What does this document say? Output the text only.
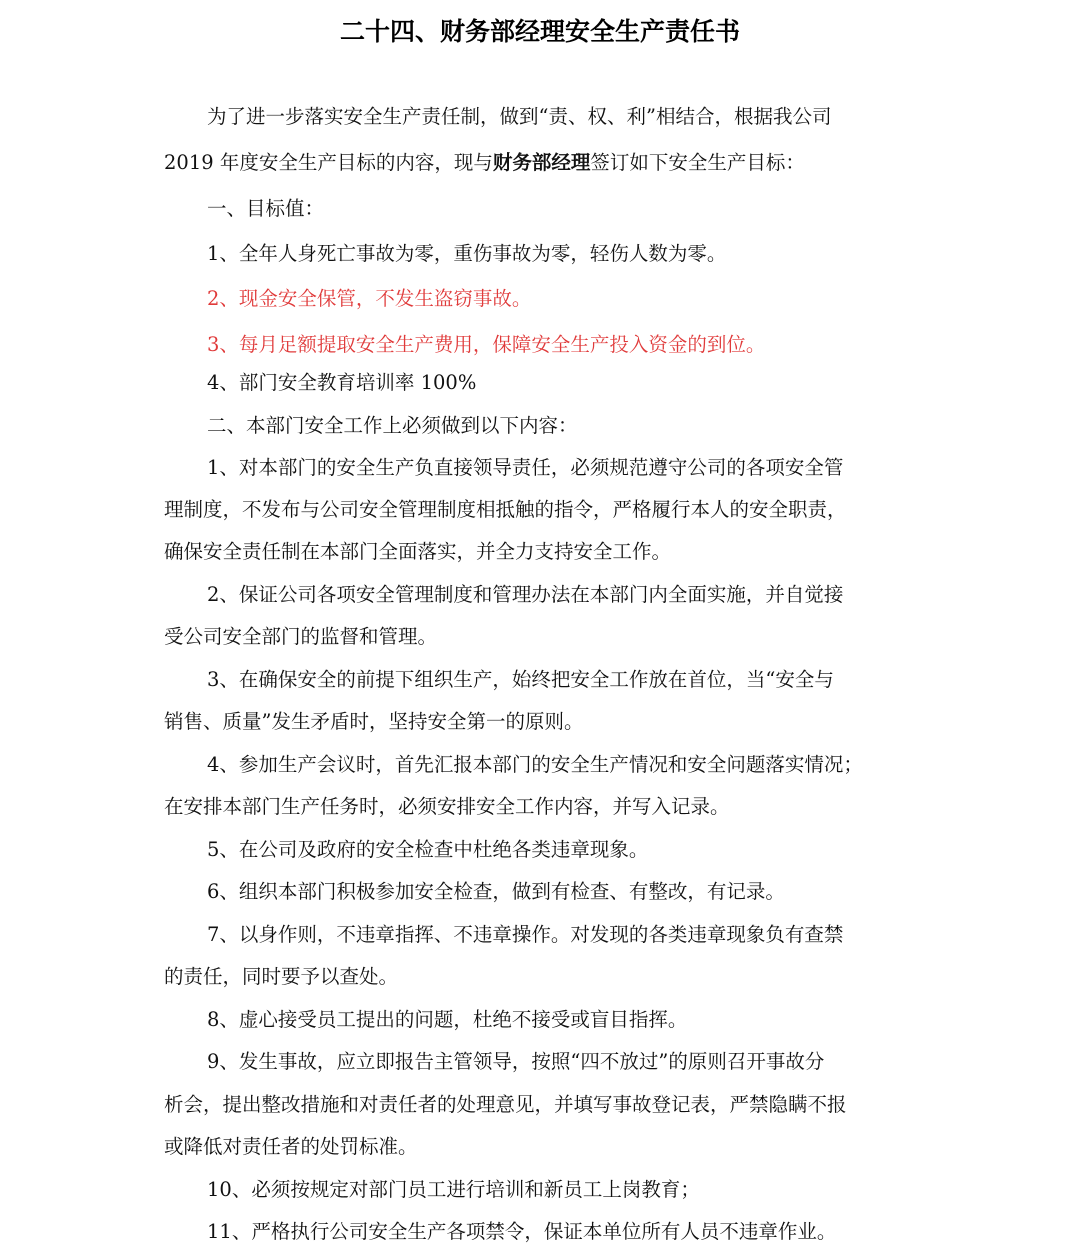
二十四、财务部经理安全生产责任书
为了进一步落实安全生产责任制，做到“责、权、利”相结合，根据我公司
2019 年度安全生产目标的内容，现与财务部经理签订如下安全生产目标：
一、目标值：
1、全年人身死亡事故为零，重伤事故为零，轻伤人数为零。
2、现金安全保管，不发生盗窃事故。
3、每月足额提取安全生产费用，保障安全生产投入资金的到位。
4、部门安全教育培训率 100%
二、本部门安全工作上必须做到以下内容：
1、对本部门的安全生产负直接领导责任，必须规范遵守公司的各项安全管
理制度，不发布与公司安全管理制度相抵触的指令，严格履行本人的安全职责，
确保安全责任制在本部门全面落实，并全力支持安全工作。
2、保证公司各项安全管理制度和管理办法在本部门内全面实施，并自觉接
受公司安全部门的监督和管理。
3、在确保安全的前提下组织生产，始终把安全工作放在首位，当“安全与
销售、质量”发生矛盾时，坚持安全第一的原则。
4、参加生产会议时，首先汇报本部门的安全生产情况和安全问题落实情况；
在安排本部门生产任务时，必须安排安全工作内容，并写入记录。
5、在公司及政府的安全检查中杜绝各类违章现象。
6、组织本部门积极参加安全检查，做到有检查、有整改，有记录。
7、以身作则，不违章指挥、不违章操作。对发现的各类违章现象负有查禁
的责任，同时要予以查处。
8、虚心接受员工提出的问题，杜绝不接受或盲目指挥。
9、发生事故，应立即报告主管领导，按照“四不放过”的原则召开事故分
析会，提出整改措施和对责任者的处理意见，并填写事故登记表，严禁隐瞒不报
或降低对责任者的处罚标准。
10、必须按规定对部门员工进行培训和新员工上岗教育；
11、严格执行公司安全生产各项禁令，保证本单位所有人员不违章作业。
